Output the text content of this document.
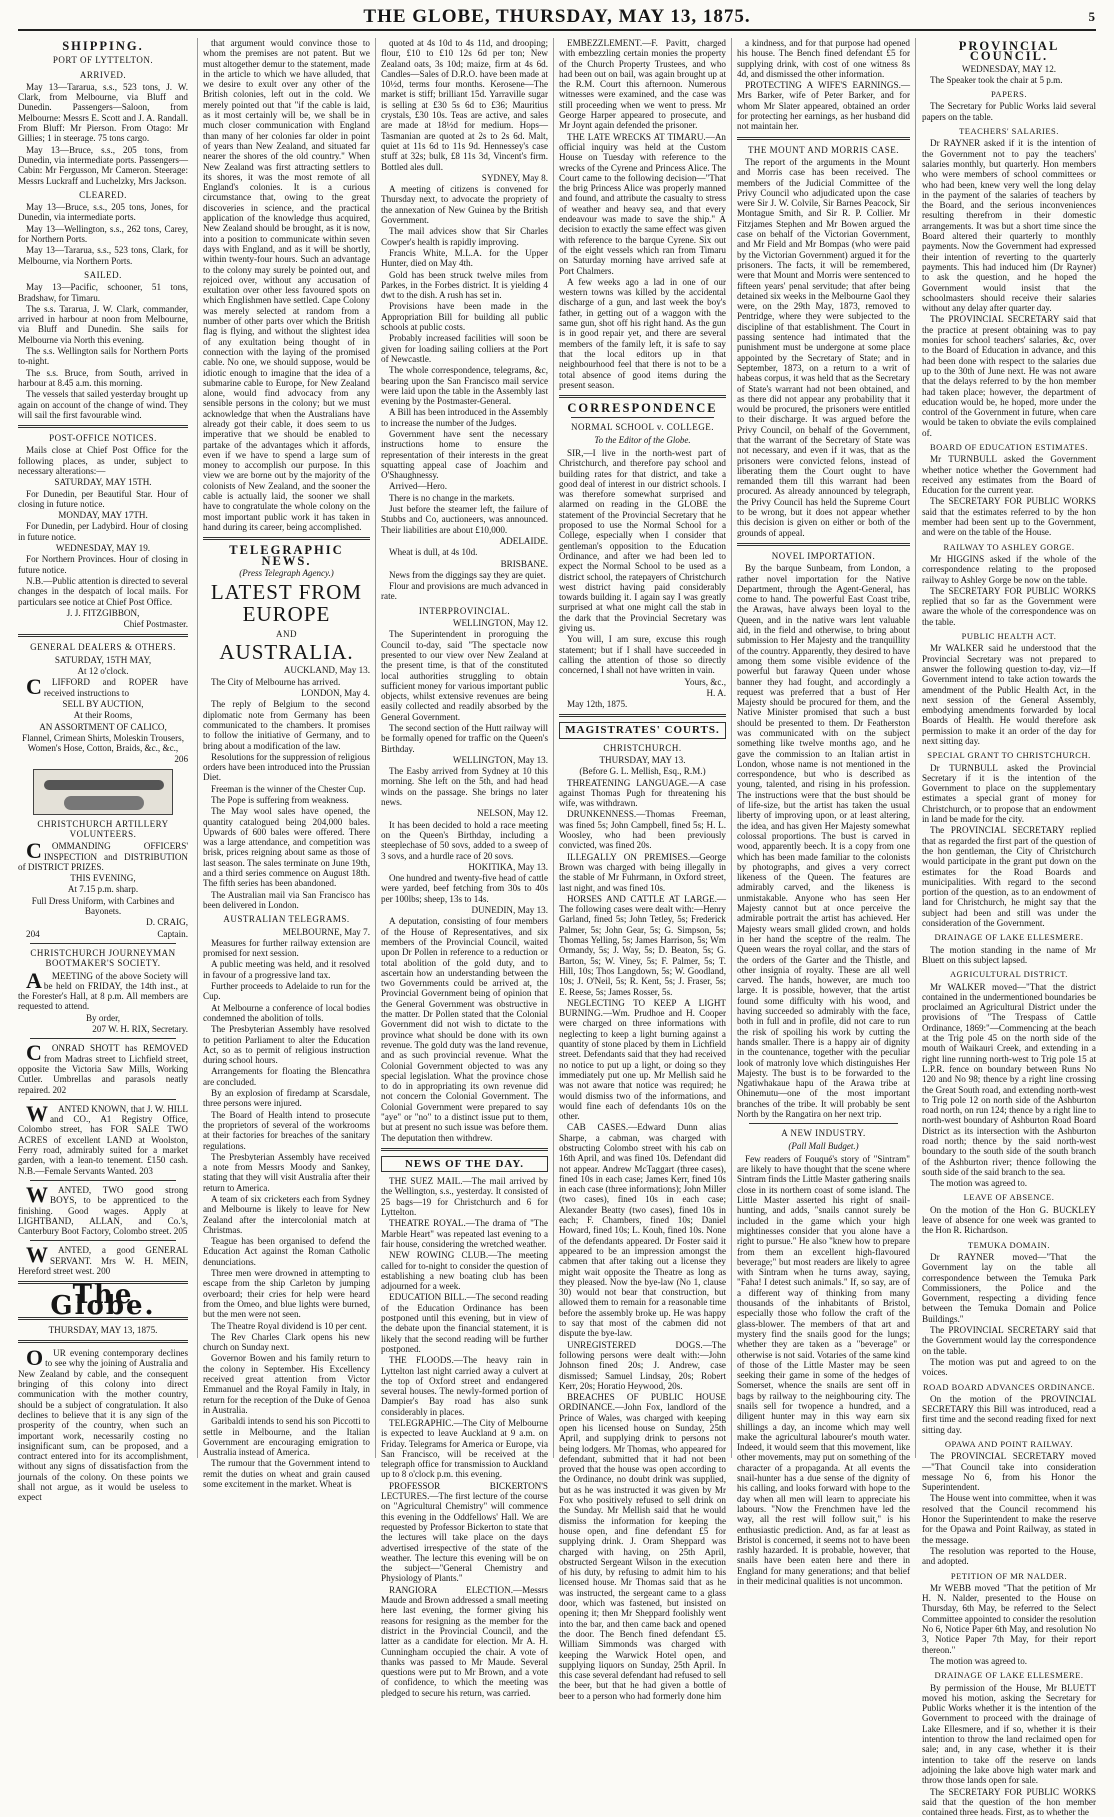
THE GLOBE, THURSDAY, MAY 13, 1875.	5
SHIPPING.
PORT OF LYTTELTON.
ARRIVED.

May 13—Tararua, s.s., 523 tons, J. W. Clark, from Melbourne, via Bluff and Dunedin. Passengers—Saloon, from Melbourne: Messrs E. Scott and J. A. Randall. From Bluff: Mr Pierson. From Otago: Mr Gillies; 1 in steerage. 75 tons cargo.

May 13—Bruce, s.s., 205 tons, from Dunedin, via intermediate ports. Passengers—Cabin: Mr Fergusson, Mr Cameron. Steerage: Messrs Luckraff and Luchelzky, Mrs Jackson.

CLEARED.

May 13—Bruce, s.s., 205 tons, Jones, for Dunedin, via intermediate ports.

May 13—Wellington, s.s., 262 tons, Carey, for Northern Ports.

May 13—Tararua, s.s., 523 tons, Clark, for Melbourne, via Northern Ports.

SAILED.

May 13—Pacific, schooner, 51 tons, Bradshaw, for Timaru.

The s.s. Tararua, J. W. Clark, commander, arrived in harbour at noon from Melbourne, via Bluff and Dunedin. She sails for Melbourne via North this evening.

The s.s. Wellington sails for Northern Ports to-night.

The s.s. Bruce, from South, arrived in harbour at 8.45 a.m. this morning.

The vessels that sailed yesterday brought up again on account of the change of wind. They will sail the first favourable wind.

POST-OFFICE NOTICES.

Mails close at Chief Post Office for the following places, as under, subject to necessary alterations:—

SATURDAY, MAY 15TH.

For Dunedin, per Beautiful Star. Hour of closing in future notice.

MONDAY, MAY 17TH.

For Dunedin, per Ladybird. Hour of closing in future notice.

WEDNESDAY, MAY 19.

For Northern Provinces. Hour of closing in future notice.

N.B.—Public attention is directed to several changes in the despatch of local mails. For particulars see notice at Chief Post Office.

J. J. FITZGIBBON,

Chief Postmaster.

GENERAL DEALERS & OTHERS.

SATURDAY, 15TH MAY,

At 12 o'clock.

C LIFFORD and ROPER have received instructions to

SELL BY AUCTION,

At their Rooms,

AN ASSORTMENT OF CALICO,

Flannel, Crimean Shirts, Moleskin Trousers, Women's Hose, Cotton, Braids, &c., &c.,

206

CHRISTCHURCH ARTILLERY VOLUNTEERS.

C OMMANDING OFFICERS' INSPECTION and DISTRIBUTION of DISTRICT PRIZES.

THIS EVENING,

At 7.15 p.m. sharp.

Full Dress Uniform, with Carbines and Bayonets.

D. CRAIG,

204	Captain.

CHRISTCHURCH JOURNEYMAN BOOTMAKER'S SOCIETY.

A MEETING of the above Society will be held on FRIDAY, the 14th inst., at the Forester's Hall, at 8 p.m. All members are requested to attend.

By order,

207 W. H. RIX, Secretary.

C ONRAD SHOTT has REMOVED from Madras street to Lichfield street, opposite the Victoria Saw Mills, Working Cutler. Umbrellas and parasols neatly repaired. 202

W ANTED KNOWN, that J. W. HILL and CO., A1 Registry Office, Colombo street, has FOR SALE TWO ACRES of excellent LAND at Woolston, Ferry road, admirably suited for a market garden, with a lean-to tenement. £150 cash. N.B.—Female Servants Wanted. 203

W ANTED, TWO good strong BOYS, to be apprenticed to the finishing. Good wages. Apply at LIGHTBAND, ALLAN, and Co.'s, Canterbury Boot Factory, Colombo street. 205

W ANTED, a good GENERAL SERVANT. Mrs W. H. MEIN, Hereford street west. 200

The Globe.

THURSDAY, MAY 13, 1875.

O UR evening contemporary declines to see why the joining of Australia and New Zealand by cable, and the consequent bringing of this colony into direct communication with the mother country, should be a subject of congratulation. It also declines to believe that it is any sign of the prosperity of the country, when such an important work, necessarily costing no insignificant sum, can be proposed, and a contract entered into for its accomplishment, without any signs of dissatisfaction from the journals of the colony. On these points we shall not argue, as it would be useless to expect

that argument would convince those to whom the premises are not patent. But we must altogether demur to the statement, made in the article to which we have alluded, that we desire to exult over any other of the British colonies, left out in the cold. We merely pointed out that "if the cable is laid, as it most certainly will be, we shall be in much closer communication with England than many of her colonies far older in point of years than New Zealand, and situated far nearer the shores of the old country." When New Zealand was first attracting settlers to its shores, it was the most remote of all England's colonies. It is a curious circumstance that, owing to the great discoveries in science, and the practical application of the knowledge thus acquired, New Zealand should be brought, as it is now, into a position to communicate within seven days with England, and as it will be shortly, within twenty-four hours. Such an advantage to the colony may surely be pointed out, and rejoiced over, without any accusation of exultation over other less favoured spots on which Englishmen have settled. Cape Colony was merely selected at random from a number of other parts over which the British flag is flying, and without the slightest idea of any exultation being thought of in connection with the laying of the promised cable. No one, we should suppose, would be idiotic enough to imagine that the idea of a submarine cable to Europe, for New Zealand alone, would find advocacy from any sensible persons in the colony; but we must acknowledge that when the Australians have already got their cable, it does seem to us imperative that we should be enabled to partake of the advantages which it affords, even if we have to spend a large sum of money to accomplish our purpose. In this view we are borne out by the majority of the colonists of New Zealand, and the sooner the cable is actually laid, the sooner we shall have to congratulate the whole colony on the most important public work it has taken in hand during its career, being accomplished.

TELEGRAPHIC NEWS.
(Press Telegraph Agency.)
LATEST FROM EUROPE
AND
AUSTRALIA.

AUCKLAND, May 13.

The City of Melbourne has arrived.

LONDON, May 4.

The reply of Belgium to the second diplomatic note from Germany has been communicated to the chambers. It promises to follow the initiative of Germany, and to bring about a modification of the law.

Resolutions for the suppression of religious orders have been introduced into the Prussian Diet.

Freeman is the winner of the Chester Cup.

The Pope is suffering from weakness.

The May wool sales have opened, the quantity catalogued being 204,000 bales. Upwards of 600 bales were offered. There was a large attendance, and competition was brisk, prices reigning about same as those of last season. The sales terminate on June 19th, and a third series commence on August 18th. The fifth series has been abandoned.

The Australian mail via San Francisco has been delivered in London.

AUSTRALIAN TELEGRAMS.

MELBOURNE, May 7.

Measures for further railway extension are promised for next session.

A public meeting was held, and it resolved in favour of a progressive land tax.

Further proceeds to Adelaide to run for the Cup.

At Melbourne a conference of local bodies condemned the abolition of tolls.

The Presbyterian Assembly have resolved to petition Parliament to alter the Education Act, so as to permit of religious instruction during school hours.

Arrangements for floating the Blencathra are concluded.

By an explosion of firedamp at Scarsdale, three persons were injured.

The Board of Health intend to prosecute the proprietors of several of the workrooms at their factories for breaches of the sanitary regulations.

The Presbyterian Assembly have received a note from Messrs Moody and Sankey, stating that they will visit Australia after their return to America.

A team of six cricketers each from Sydney and Melbourne is likely to leave for New Zealand after the intercolonial match at Christmas.

Teague has been organised to defend the Education Act against the Roman Catholic denunciations.

Three men were drowned in attempting to escape from the ship Carleton by jumping overboard; their cries for help were heard from the Omeo, and blue lights were burned, but the men were not seen.

The Theatre Royal dividend is 10 per cent.

The Rev Charles Clark opens his new church on Sunday next.

Governor Bowen and his family return to the colony in September. His Excellency received great attention from Victor Emmanuel and the Royal Family in Italy, in return for the reception of the Duke of Genoa in Australia.

Garibaldi intends to send his son Piccotti to settle in Melbourne, and the Italian Government are encouraging emigration to Australia instead of America.

The rumour that the Government intend to remit the duties on wheat and grain caused some excitement in the market. Wheat is

quoted at 4s 10d to 4s 11d, and drooping; flour, £10 to £10 12s 6d per ton; New Zealand oats, 3s 10d; maize, firm at 4s 6d. Candles—Sales of D.R.O. have been made at 10½d, terms four months. Kerosene—The market is stiff; brilliant 15d. Yarraville sugar is selling at £30 5s 6d to £36; Mauritius crystals, £30 10s. Teas are active, and sales are made at 18½d for medium. Hops—Tasmanian are quoted at 2s to 2s 6d. Malt, quiet at 11s 6d to 11s 9d. Hennessey's case stuff at 32s; bulk, £8 11s 3d, Vincent's firm. Bottled ales dull.

SYDNEY, May 8.

A meeting of citizens is convened for Thursday next, to advocate the propriety of the annexation of New Guinea by the British Government.

The mail advices show that Sir Charles Cowper's health is rapidly improving.

Francis White, M.L.A. for the Upper Hunter, died on May 4th.

Gold has been struck twelve miles from Parkes, in the Forbes district. It is yielding 4 dwt to the dish. A rush has set in.

Provisions have been made in the Appropriation Bill for building all public schools at public costs.

Probably increased facilities will soon be given for loading sailing colliers at the Port of Newcastle.

The whole correspondence, telegrams, &c, bearing upon the San Francisco mail service were laid upon the table in the Assembly last evening by the Postmaster-General.

A Bill has been introduced in the Assembly to increase the number of the Judges.

Government have sent the necessary instructions home to ensure the representation of their interests in the great squatting appeal case of Joachim and O'Shaughnessy.

Arrived—Hero.

There is no change in the markets.

Just before the steamer left, the failure of Stubbs and Co, auctioneers, was announced. Their liabilities are about £10,000.

ADELAIDE.

Wheat is dull, at 4s 10d.

BRISBANE.

News from the diggings say they are quiet.

Flour and provisions are much advanced in rate.

INTERPROVINCIAL.

WELLINGTON, May 12.

The Superintendent in proroguing the Council to-day, said "The spectacle now presented to our view over New Zealand at the present time, is that of the constituted local authorities struggling to obtain sufficient money for various important public objects, whilst extensive revenues are being easily collected and readily absorbed by the General Government.

The second section of the Hutt railway will be formally opened for traffic on the Queen's Birthday.

WELLINGTON, May 13.

The Easby arrived from Sydney at 10 this morning. She left on the 5th, and had head winds on the passage. She brings no later news.

NELSON, May 12.

It has been decided to hold a race meeting on the Queen's Birthday, including a steeplechase of 50 sovs, added to a sweep of 3 sovs, and a hurdle race of 20 sovs.

HOKITIKA, May 13.

One hundred and twenty-five head of cattle were yarded, beef fetching from 30s to 40s per 100lbs; sheep, 13s to 14s.

DUNEDIN, May 13.

A deputation, consisting of four members of the House of Representatives, and six members of the Provincial Council, waited upon Dr Pollen in reference to a reduction or total abolition of the gold duty, and to ascertain how an understanding between the two Governments could be arrived at, the Provincial Government being of opinion that the General Government was obstructive in the matter. Dr Pollen stated that the Colonial Government did not wish to dictate to the province what should be done with its own revenue. The gold duty was the land revenue, and as such provincial revenue. What the Colonial Government objected to was any special legislation. What the province chose to do in appropriating its own revenue did not concern the Colonial Government. The Colonial Government were prepared to say "aye" or "no" to a distinct issue put to them, but at present no such issue was before them. The deputation then withdrew.

NEWS OF THE DAY.

THE SUEZ MAIL.—The mail arrived by the Wellington, s.s., yesterday. It consisted of 25 bags—19 for Christchurch and 6 for Lyttelton.

THEATRE ROYAL.—The drama of "The Marble Heart" was repeated last evening to a fair house, considering the wretched weather.

NEW ROWING CLUB.—The meeting called for to-night to consider the question of establishing a new boating club has been adjourned for a week.

EDUCATION BILL.—The second reading of the Education Ordinance has been postponed until this evening, but in view of the debate upon the financial statement, it is likely that the second reading will be further postponed.

THE FLOODS.—The heavy rain in Lyttelton last night carried away a culvert at the top of Oxford street and endangered several houses. The newly-formed portion of Dampier's Bay road has also sunk considerably in places.

TELEGRAPHIC.—The City of Melbourne is expected to leave Auckland at 9 a.m. on Friday. Telegrams for America or Europe, via San Francisco, will be received at the telegraph office for transmission to Auckland up to 8 o'clock p.m. this evening.

PROFESSOR BICKERTON'S LECTURES.—The first lecture of the course on "Agricultural Chemistry" will commence this evening in the Oddfellows' Hall. We are requested by Professor Bickerton to state that the lectures will take place on the days advertised irrespective of the state of the weather. The lecture this evening will be on the subject—"General Chemistry and Physiology of Plants."

RANGIORA ELECTION.—Messrs Maude and Brown addressed a small meeting here last evening, the former giving his reasons for resigning as the member for the district in the Provincial Council, and the latter as a candidate for election. Mr A. H. Cunningham occupied the chair. A vote of thanks was passed to Mr Maude. Several questions were put to Mr Brown, and a vote of confidence, to which the meeting was pledged to secure his return, was carried.

EMBEZZLEMENT.—F. Pavitt, charged with embezzling certain monies the property of the Church Property Trustees, and who had been out on bail, was again brought up at the R.M. Court this afternoon. Numerous witnesses were examined, and the case was still proceeding when we went to press. Mr George Harper appeared to prosecute, and Mr Joynt again defended the prisoner.

THE LATE WRECKS AT TIMARU.—An official inquiry was held at the Custom House on Tuesday with reference to the wrecks of the Cyrene and Princess Alice. The Court came to the following decision—"That the brig Princess Alice was properly manned and found, and attribute the casualty to stress of weather and heavy sea, and that every endeavour was made to save the ship." A decision to exactly the same effect was given with reference to the barque Cyrene. Six out of the eight vessels which ran from Timaru on Saturday morning have arrived safe at Port Chalmers.

A few weeks ago a lad in one of our western towns was killed by the accidental discharge of a gun, and last week the boy's father, in getting out of a waggon with the same gun, shot off his right hand. As the gun is in good repair yet, and there are several members of the family left, it is safe to say that the local editors up in that neighbourhood feel that there is not to be a total absence of good items during the present season.

CORRESPONDENCE
NORMAL SCHOOL v. COLLEGE.
To the Editor of the Globe.

SIR,—I live in the north-west part of Christchurch, and therefore pay school and building rates for that district, and take a good deal of interest in our district schools. I was therefore somewhat surprised and alarmed on reading in the GLOBE the statement of the Provincial Secretary that he proposed to use the Normal School for a College, especially when I consider that gentleman's opposition to the Education Ordinance, and after we had been led to expect the Normal School to be used as a district school, the ratepayers of Christchurch west district having paid considerably towards building it. I again say I was greatly surprised at what one might call the stab in the dark that the Provincial Secretary was giving us.

You will, I am sure, excuse this rough statement; but if I shall have succeeded in calling the attention of those so directly concerned, I shall not have written in vain.

Yours, &c.,

H. A.

May 12th, 1875.

MAGISTRATES' COURTS.
CHRISTCHURCH.

THURSDAY, MAY 13.

(Before G. L. Mellish, Esq., R.M.)

THREATENING LANGUAGE.—A case against Thomas Pugh for threatening his wife, was withdrawn.

DRUNKENNESS.—Thomas Freeman, was fined 5s; John Campbell, fined 5s; H. L. Woosley, who had been previously convicted, was fined 20s.

ILLEGALLY ON PREMISES.—George Brown was charged with being illegally in the stable of Mr Fuhrmann, in Oxford street, last night, and was fined 10s.

HORSES AND CATTLE AT LARGE.—The following cases were dealt with:—Henry Garland, fined 5s; John Tetley, 5s; Frederick Palmer, 5s; John Gear, 5s; G. Simpson, 5s; Thomas Yelling, 5s; James Harrison, 5s; Wm Ormandy, 5s; J. Way, 5s; D. Beaton, 5s; G. Barton, 5s; W. Viney, 5s; F. Palmer, 5s; T. Hill, 10s; Thos Langdown, 5s; W. Goodland, 10s; J. O'Neil, 5s; R. Kent, 5s; J. Fraser, 5s; E. Reese, 5s; James Rosser, 5s.

NEGLECTING TO KEEP A LIGHT BURNING.—Wm. Prudhoe and H. Cooper were charged on three informations with neglecting to keep a light burning against a quantity of stone placed by them in Lichfield street. Defendants said that they had received no notice to put up a light, or doing so they immediately put one up. Mr Mellish said he was not aware that notice was required; he would dismiss two of the informations, and would fine each of defendants 10s on the other.

CAB CASES.—Edward Dunn alias Sharpe, a cabman, was charged with obstructing Colombo street with his cab on 16th April, and was fined 10s. Defendant did not appear. Andrew McTaggart (three cases), fined 10s in each case; James Kerr, fined 10s in each case (three informations); John Miller (two cases), fined 10s in each case; Alexander Beatty (two cases), fined 10s in each; F. Chambers, fined 10s; Daniel Howard, fined 10s; L. Kouh, fined 10s. None of the defendants appeared. Dr Foster said it appeared to be an impression amongst the cabmen that after taking out a license they might wait opposite the Theatre as long as they pleased. Now the bye-law (No 1, clause 30) would not bear that construction, but allowed them to remain for a reasonable time before the assembly broke up. He was happy to say that most of the cabmen did not dispute the bye-law.

UNREGISTERED DOGS.—The following persons were dealt with:—John Johnson fined 20s; J. Andrew, case dismissed; Samuel Lindsay, 20s; Robert Kerr, 20s; Horatio Heywood, 20s.

BREACHES OF PUBLIC HOUSE ORDINANCE.—John Fox, landlord of the Prince of Wales, was charged with keeping open his licensed house on Sunday, 25th April, and supplying drink to persons not being lodgers. Mr Thomas, who appeared for defendant, submitted that it had not been proved that the house was open according to the Ordinance, no doubt drink was supplied, but as he was instructed it was given by Mr Fox who positively refused to sell drink on the Sunday. Mr Mellish said that he would dismiss the information for keeping the house open, and fine defendant £5 for supplying drink. J. Oram Sheppard was charged with having, on 25th April, obstructed Sergeant Wilson in the execution of his duty, by refusing to admit him to his licensed house. Mr Thomas said that as he was instructed, the sergeant came to a glass door, which was fastened, but insisted on opening it; then Mr Sheppard foolishly went into the bar, and then came back and opened the door. The Bench fined defendant £5. William Simmonds was charged with keeping the Warwick Hotel open, and supplying liquors on Sunday, 25th April. In this case several defendant had refused to sell the beer, but that he had given a bottle of beer to a person who had formerly done him

a kindness, and for that purpose had opened his house. The Bench fined defendant £5 for supplying drink, with cost of one witness 8s 4d, and dismissed the other information.

PROTECTING A WIFE'S EARNINGS.—Mrs Barker, wife of Peter Barker, and for whom Mr Slater appeared, obtained an order for protecting her earnings, as her husband did not maintain her.

THE MOUNT AND MORRIS CASE.

The report of the arguments in the Mount and Morris case has been received. The members of the Judicial Committee of the Privy Council who adjudicated upon the case were Sir J. W. Colvile, Sir Barnes Peacock, Sir Montague Smith, and Sir R. P. Collier. Mr Fitzjames Stephen and Mr Bowen argued the case on behalf of the Victorian Government, and Mr Field and Mr Bompas (who were paid by the Victorian Government) argued it for the prisoners. The facts, it will be remembered, were that Mount and Morris were sentenced to fifteen years' penal servitude; that after being detained six weeks in the Melbourne Gaol they were, on the 29th May, 1873, removed to Pentridge, where they were subjected to the discipline of that establishment. The Court in passing sentence had intimated that the punishment must be undergone at some place appointed by the Secretary of State; and in September, 1873, on a return to a writ of habeas corpus, it was held that as the Secretary of State's warrant had not been obtained, and as there did not appear any probability that it would be procured, the prisoners were entitled to their discharge. It was argued before the Privy Council, on behalf of the Government, that the warrant of the Secretary of State was not necessary, and even if it was, that as the prisoners were convicted felons, instead of liberating them the Court ought to have remanded them till this warrant had been procured. As already announced by telegraph, the Privy Council has held the Supreme Court to be wrong, but it does not appear whether this decision is given on either or both of the grounds of appeal.

NOVEL IMPORTATION.

By the barque Sunbeam, from London, a rather novel importation for the Native Department, through the Agent-General, has come to hand. The powerful East Coast tribe, the Arawas, have always been loyal to the Queen, and in the native wars lent valuable aid, in the field and otherwise, to bring about submission to Her Majesty and the tranquillity of the country. Apparently, they desired to have among them some visible evidence of the powerful but faraway Queen under whose banner they had fought, and accordingly a request was preferred that a bust of Her Majesty should be procured for them, and the Native Minister promised that such a bust should be presented to them. Dr Featherston was communicated with on the subject something like twelve months ago, and he gave the commission to an Italian artist in London, whose name is not mentioned in the correspondence, but who is described as young, talented, and rising in his profession. The instructions were that the bust should be of life-size, but the artist has taken the usual liberty of improving upon, or at least altering, the idea, and has given Her Majesty somewhat colossal proportions. The bust is carved in wood, apparently beech. It is a copy from one which has been made familiar to the colonists by photographs, and gives a very correct likeness of the Queen. The features are admirably carved, and the likeness is unmistakable. Anyone who has seen Her Majesty cannot but at once perceive the admirable portrait the artist has achieved. Her Majesty wears small glided crown, and holds in her hand the sceptre of the realm. The Queen wears the royal collar, and the stars of the orders of the Garter and the Thistle, and other insignia of royalty. These are all well carved. The hands, however, are much too large. It is possible, however, that the artist found some difficulty with his wood, and having succeeded so admirably with the face, both in full and in profile, did not care to run the risk of spoiling his work by cutting the hands smaller. There is a happy air of dignity in the countenance, together with the peculiar look of matronly love which distinguishes Her Majesty. The bust is to be forwarded to the Ngatiwhakaue hapu of the Arawa tribe at Ohinemutu—one of the most important branches of the tribe. It will probably be sent North by the Rangatira on her next trip.

A NEW INDUSTRY.
(Pall Mall Budget.)

Few readers of Fouqué's story of "Sintram" are likely to have thought that the scene where Sintram finds the Little Master gathering snails close in its northern coast of some island. The Little Master asserted his right of snail-hunting, and adds, "snails cannot surely be included in the game which your high mightinesses consider that you alone have a right to pursue." He also "knew how to prepare from them an excellent high-flavoured beverage;" but most readers are likely to agree with Sintram when he turns away, saying, "Faha! I detest such animals." If, so say, are of a different way of thinking from many thousands of the inhabitants of Bristol, especially those who follow the craft of the glass-blower. The members of that art and mystery find the snails good for the lungs; whether they are taken as a "beverage" or otherwise is not said. Votaries of the same kind of those of the Little Master may be seen seeking their game in some of the hedges of Somerset, whence the snails are sent off in bags by railway to the neighbouring city. The snails sell for twopence a hundred, and a diligent hunter may in this way earn six shillings a day, an income which may well make the agricultural labourer's mouth water. Indeed, it would seem that this movement, like other movements, may put on something of the character of a propaganda. At all events the snail-hunter has a due sense of the dignity of his calling, and looks forward with hope to the day when all men will learn to appreciate his labours. "Now the Frenchmen have led the way, all the rest will follow suit," is his enthusiastic prediction. And, as far at least as Bristol is concerned, it seems not to have been rashly hazarded. It is probable, however, that snails have been eaten here and there in England for many generations; and that belief in their medicinal qualities is not uncommon.

PROVINCIAL COUNCIL.

WEDNESDAY, MAY 12.

The Speaker took the chair at 5 p.m.

PAPERS.

The Secretary for Public Works laid several papers on the table.

TEACHERS' SALARIES.

Dr RAYNER asked if it is the intention of the Government not to pay the teachers' salaries monthly, but quarterly. Hon members who were members of school committees or who had been, knew very well the long delay in the payment of the salaries of teachers by the Board, and the serious inconveniences resulting therefrom in their domestic arrangements. It was but a short time since the Board altered their quarterly to monthly payments. Now the Government had expressed their intention of reverting to the quarterly payments. This had induced him (Dr Rayner) to ask the question, and he hoped the Government would insist that the schoolmasters should receive their salaries without any delay after quarter day.

The PROVINCIAL SECRETARY said that the practice at present obtaining was to pay monies for school teachers' salaries, &c, over to the Board of Education in advance, and this had been done with respect to the salaries due up to the 30th of June next. He was not aware that the delays referred to by the hon member had taken place; however, the department of education would be, he hoped, more under the control of the Government in future, when care would be taken to obviate the evils complained of.

BOARD OF EDUCATION ESTIMATES.

Mr TURNBULL asked the Government whether notice whether the Government had received any estimates from the Board of Education for the current year.

The SECRETARY FOR PUBLIC WORKS said that the estimates referred to by the hon member had been sent up to the Government, and were on the table of the House.

RAILWAY TO ASHLEY GORGE.

Mr HIGGINS asked if the whole of the correspondence relating to the proposed railway to Ashley Gorge be now on the table.

The SECRETARY FOR PUBLIC WORKS replied that so far as the Government were aware the whole of the correspondence was on the table.

PUBLIC HEALTH ACT.

Mr WALKER said he understood that the Provincial Secretary was not prepared to answer the following question to-day, viz—If Government intend to take action towards the amendment of the Public Health Act, in the next session of the General Assembly, embodying amendments forwarded by local Boards of Health. He would therefore ask permission to make it an order of the day for next sitting day.

SPECIAL GRANT TO CHRISTCHURCH.

Dr TURNBULL asked the Provincial Secretary if it is the intention of the Government to place on the supplementary estimates a special grant of money for Christchurch, or to propose that an endowment in land be made for the city.

The PROVINCIAL SECRETARY replied that as regarded the first part of the question of the hon gentleman, the City of Christchurch would participate in the grant put down on the estimates for the Road Boards and municipalities. With regard to the second portion of the question, as to an endowment of land for Christchurch, he might say that the subject had been and still was under the consideration of the Government.

DRAINAGE OF LAKE ELLESMERE.

The motion standing in the name of Mr Bluett on this subject lapsed.

AGRICULTURAL DISTRICT.

Mr WALKER moved—"That the district contained in the undermentioned boundaries be proclaimed an Agricultural District under the provisions of "The Trespass of Cattle Ordinance, 1869:"—Commencing at the beach at the Trig pole 45 on the north side of the mouth of Waikauri Creek, and extending in a right line running north-west to Trig pole 15 at L.P.R. fence on boundary between Runs No 120 and No 98; thence by a right line crossing the Great South road, and extending north-west to Trig pole 12 on north side of the Ashburton road north, on run 124; thence by a right line to north-west boundary of Ashburton Road Board District as its intersection with the Ashburton road north; thence by the said north-west boundary to the south side of the south branch of the Ashburton river; thence following the south side of the said branch to the sea.

The motion was agreed to.

LEAVE OF ABSENCE.

On the motion of the Hon G. BUCKLEY leave of absence for one week was granted to the Hon R. Richardson.

TEMUKA DOMAIN.

Dr RAYNER moved—"That the Government lay on the table all correspondence between the Temuka Park Commissioners, the Police and the Government, respecting a dividing fence between the Temuka Domain and Police Buildings."

The PROVINCIAL SECRETARY said that the Government would lay the correspondence on the table.

The motion was put and agreed to on the voices.

ROAD BOARD ADVANCES ORDINANCE.

On the motion of the PROVINCIAL SECRETARY this Bill was introduced, read a first time and the second reading fixed for next sitting day.

OPAWA AND POINT RAILWAY.

The PROVINCIAL SECRETARY moved—"That Council take into consideration message No 6, from his Honor the Superintendent.

The House went into committee, when it was resolved that the Council recommend his Honor the Superintendent to make the reserve for the Opawa and Point Railway, as stated in the message.

The resolution was reported to the House, and adopted.

PETITION OF MR NALDER.

Mr WEBB moved "That the petition of Mr H. N. Nalder, presented to the House on Thursday, 6th May, be referred to the Select Committee appointed to consider the resolution No 6, Notice Paper 6th May, and resolution No 3, Notice Paper 7th May, for their report thereon."

The motion was agreed to.

DRAINAGE OF LAKE ELLESMERE.

By permission of the House, Mr BLUETT moved his motion, asking the Secretary for Public Works whether it is the intention of the Government to proceed with the drainage of Lake Ellesmere, and if so, whether it is their intention to throw the land reclaimed open for sale; and, in any case, whether it is their intention to take off the reserve on lands adjoining the lake above high water mark and throw those lands open for sale.

The SECRETARY FOR PUBLIC WORKS said that the question of the hon member contained three heads. First, as to whether the
